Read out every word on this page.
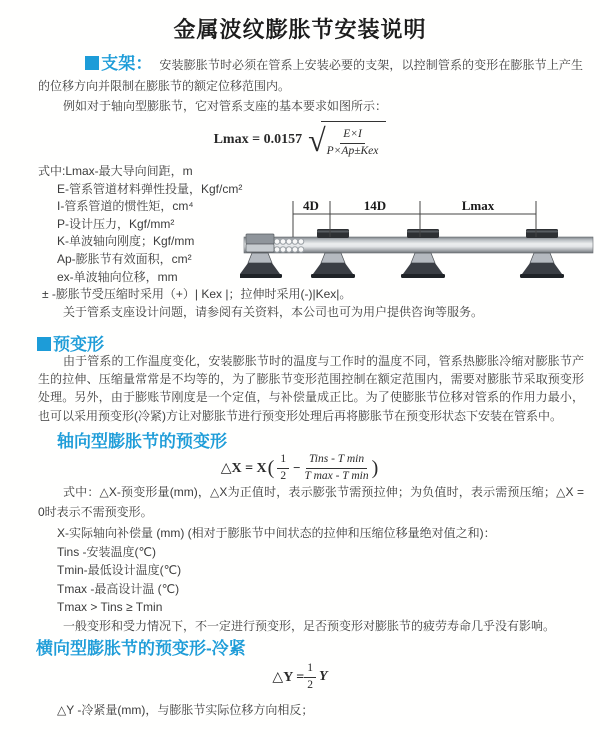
金属波纹膨胀节安装说明

支架： 安装膨胀节时必须在管系上安装必要的支架，以控制管系的变形在膨胀节上产生的位移方向并限制在膨胀节的额定位移范围内。

例如对于轴向型膨胀节，它对管系支座的基本要求如图所示：

Lmax = 0.0157 √ $\frac{E\times I}{\text{P×Ap±Kex}}$
式中:Lmax-最大导向间距，m
E-管系管道材料弹性投量，Kgf/cm²
I-管系管道的惯性矩，cm⁴
P-设计压力，Kgf/mm²
K-单波轴向刚度；Kgf/mm
Ap-膨胀节有效面积，cm²
ex-单波轴向位移，mm
± -膨胀节受压缩时采用（+）| Kex |；拉伸时采用(-)|Kex|。
关于管系支座设计问题，请参阅有关资料，本公司也可为用户提供咨询等服务。
4D	14D	Lmax
预变形

由于管系的工作温度变化，安装膨胀节时的温度与工作时的温度不同，管系热膨胀冷缩对膨胀节产生的拉伸、压缩量常常是不均等的，为了膨胀节变形范围控制在额定范围内，需要对膨胀节采取预变形处理。另外，由于膨账节刚度是一个定值，与补偿量成正比。为了使膨胀节位移对管系的作用力最小，也可以采用预变形(冷紧)方让对膨胀节进行预变形处理后再将膨胀节在预变形状态下安装在管系中。

轴向型膨胀节的预变形
△X = X ( $\frac{1}{2} - \frac{\text{Tins - T min}}{\text{T max - T min}}$ )

式中：△X-预变形量(mm)，△X为正值时，表示膨张节需预拉伸；为负值时，表示需预压缩；△X = 0时表示不需预变形。

X-实际轴向补偿量 (mm) (相对于膨胀节中间状态的拉伸和压缩位移量绝对值之和)：
Tins -安装温度(℃)
Tmin-最低设计温度(℃)
Tmax -最高设计温 (℃)
Tmax > Tins ≥ Tmin

一般变形和受力情况下，不一定进行预变形，足否预变形对膨胀节的疲劳寿命几乎没有影响。

横向型膨胀节的预变形-冷紧
△Y = $\frac{1}{2}$ Y
△Y -冷紧量(mm)，与膨胀节实际位移方向相反；
